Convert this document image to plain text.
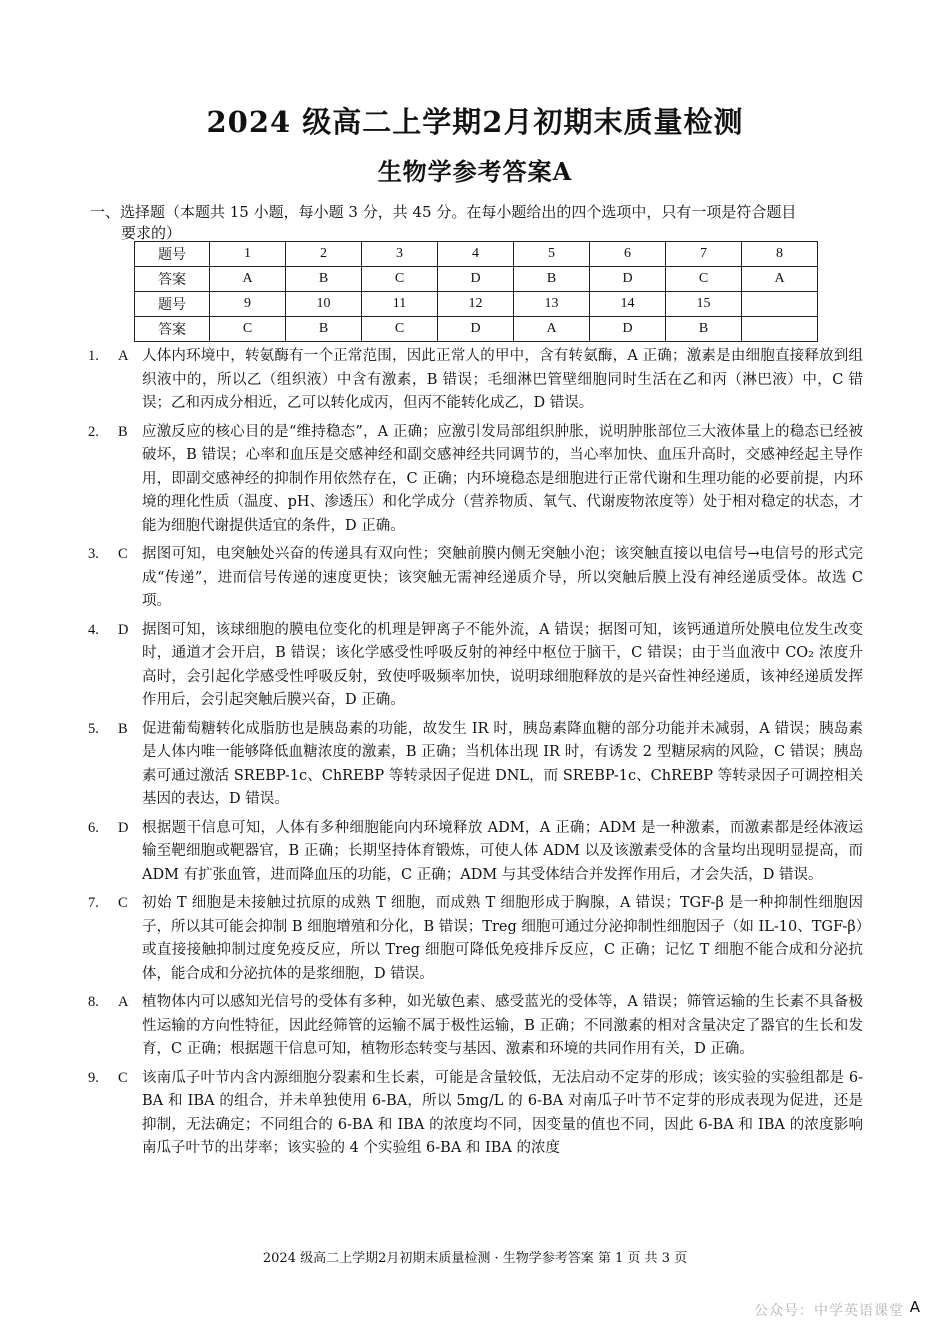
2024 级高二上学期2月初期末质量检测
生物学参考答案A
一、选择题（本题共 15 小题，每小题 3 分，共 45 分。在每小题给出的四个选项中，只有一项是符合题目
要求的）
题号	1	2	3	4	5	6	7	8
答案	A	B	C	D	B	D	C	A
题号	9	10	11	12	13	14	15	
答案	C	B	C	D	A	D	B	
1.	A 人体内环境中，转氨酶有一个正常范围，因此正常人的甲中，含有转氨酶，A 正确；激素是由细胞直接释放到组织液中的，所以乙（组织液）中含有激素，B 错误；毛细淋巴管壁细胞同时生活在乙和丙（淋巴液）中，C 错误；乙和丙成分相近，乙可以转化成丙，但丙不能转化成乙，D 错误。
2.	B 应激反应的核心目的是“维持稳态”，A 正确；应激引发局部组织肿胀，说明肿胀部位三大液体量上的稳态已经被破坏，B 错误；心率和血压是交感神经和副交感神经共同调节的，当心率加快、血压升高时，交感神经起主导作用，即副交感神经的抑制作用依然存在，C 正确；内环境稳态是细胞进行正常代谢和生理功能的必要前提，内环境的理化性质（温度、pH、渗透压）和化学成分（营养物质、氧气、代谢废物浓度等）处于相对稳定的状态，才能为细胞代谢提供适宜的条件，D 正确。
3.	C 据图可知，电突触处兴奋的传递具有双向性；突触前膜内侧无突触小泡；该突触直接以电信号→电信号的形式完成“传递”，进而信号传递的速度更快；该突触无需神经递质介导，所以突触后膜上没有神经递质受体。故选 C 项。
4.	D 据图可知，该球细胞的膜电位变化的机理是钾离子不能外流，A 错误；据图可知，该钙通道所处膜电位发生改变时，通道才会开启，B 错误；该化学感受性呼吸反射的神经中枢位于脑干，C 错误；由于当血液中 CO₂ 浓度升高时，会引起化学感受性呼吸反射，致使呼吸频率加快，说明球细胞释放的是兴奋性神经递质，该神经递质发挥作用后，会引起突触后膜兴奋，D 正确。
5.	B 促进葡萄糖转化成脂肪也是胰岛素的功能，故发生 IR 时，胰岛素降血糖的部分功能并未减弱，A 错误；胰岛素是人体内唯一能够降低血糖浓度的激素，B 正确；当机体出现 IR 时，有诱发 2 型糖尿病的风险，C 错误；胰岛素可通过激活 SREBP-1c、ChREBP 等转录因子促进 DNL，而 SREBP-1c、ChREBP 等转录因子可调控相关基因的表达，D 错误。
6.	D 根据题干信息可知，人体有多种细胞能向内环境释放 ADM，A 正确；ADM 是一种激素，而激素都是经体液运输至靶细胞或靶器官，B 正确；长期坚持体育锻炼，可使人体 ADM 以及该激素受体的含量均出现明显提高，而 ADM 有扩张血管，进而降血压的功能，C 正确；ADM 与其受体结合并发挥作用后，才会失活，D 错误。
7.	C 初始 T 细胞是未接触过抗原的成熟 T 细胞，而成熟 T 细胞形成于胸腺，A 错误；TGF-β 是一种抑制性细胞因子，所以其可能会抑制 B 细胞增殖和分化，B 错误；Treg 细胞可通过分泌抑制性细胞因子（如 IL-10、TGF-β）或直接接触抑制过度免疫反应，所以 Treg 细胞可降低免疫排斥反应，C 正确；记忆 T 细胞不能合成和分泌抗体，能合成和分泌抗体的是浆细胞，D 错误。
8.	A 植物体内可以感知光信号的受体有多种，如光敏色素、感受蓝光的受体等，A 错误；筛管运输的生长素不具备极性运输的方向性特征，因此经筛管的运输不属于极性运输，B 正确；不同激素的相对含量决定了器官的生长和发育，C 正确；根据题干信息可知，植物形态转变与基因、激素和环境的共同作用有关，D 正确。
9.	C 该南瓜子叶节内含内源细胞分裂素和生长素，可能是含量较低，无法启动不定芽的形成；该实验的实验组都是 6-BA 和 IBA 的组合，并未单独使用 6-BA，所以 5mg/L 的 6-BA 对南瓜子叶节不定芽的形成表现为促进，还是抑制，无法确定；不同组合的 6-BA 和 IBA 的浓度均不同，因变量的值也不同，因此 6-BA 和 IBA 的浓度影响南瓜子叶节的出芽率；该实验的 4 个实验组 6-BA 和 IBA 的浓度
2024 级高二上学期2月初期末质量检测 · 生物学参考答案 第 1 页 共 3 页
公众号：中学英语课堂 A
